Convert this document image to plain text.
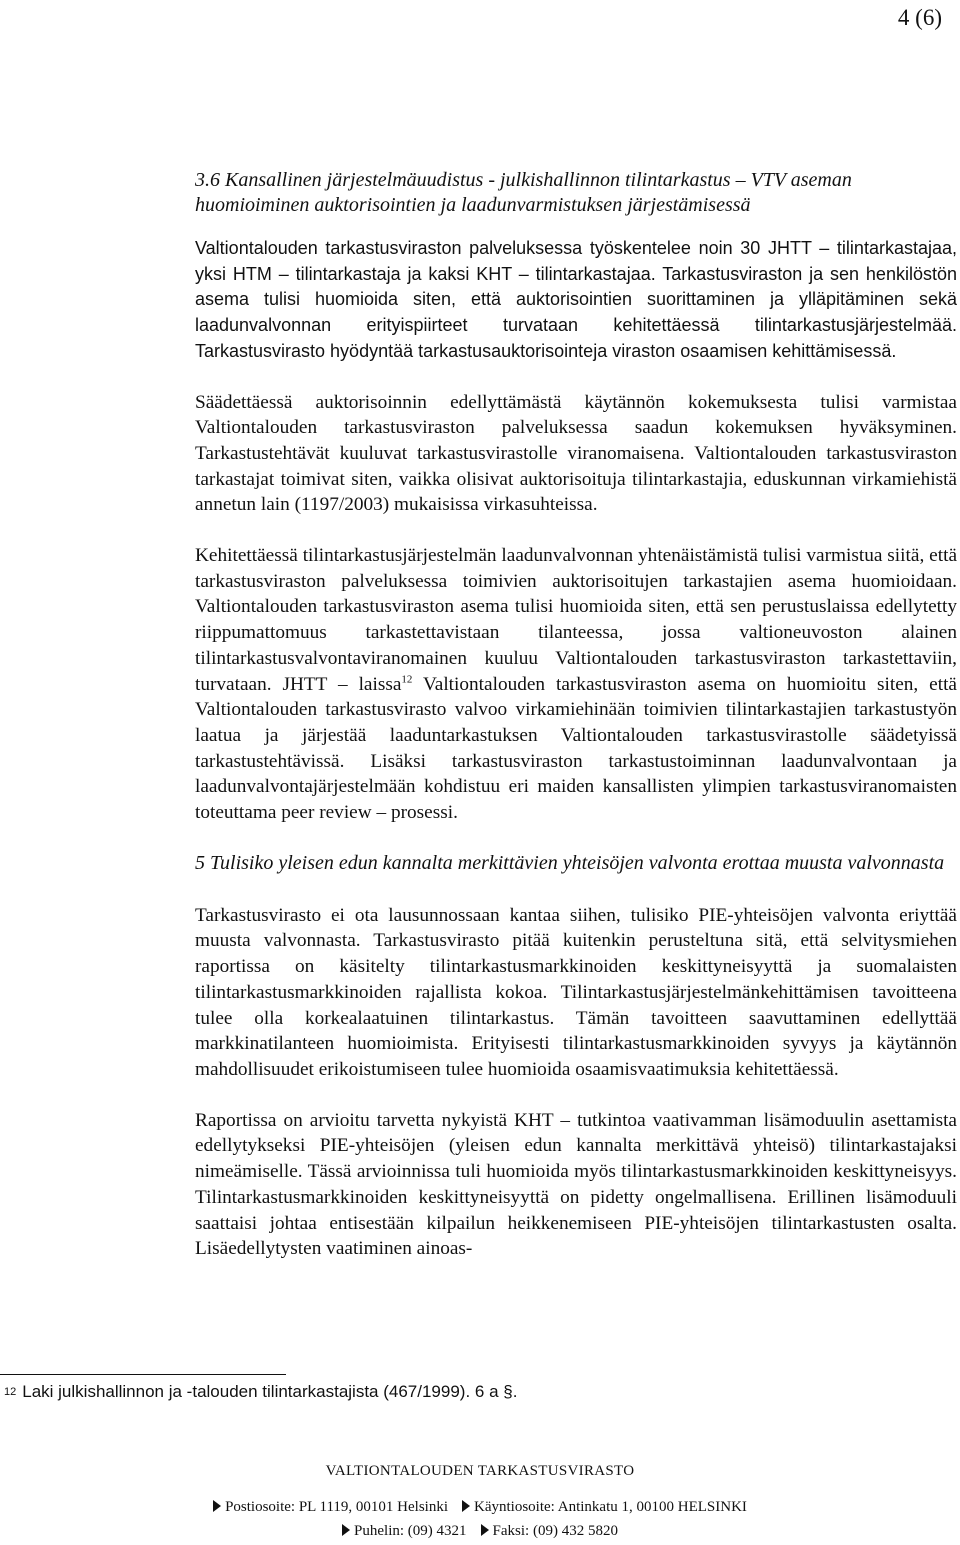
4 (6)
3.6 Kansallinen järjestelmäuudistus - julkishallinnon tilintarkastus – VTV aseman huomioiminen auktorisointien ja laadunvarmistuksen järjestämisessä

Valtiontalouden tarkastusviraston palveluksessa työskentelee noin 30 JHTT – tilintarkastajaa, yksi HTM – tilintarkastaja ja kaksi KHT – tilintarkastajaa. Tarkastusviraston ja sen henkilöstön asema tulisi huomioida siten, että auktorisointien suorittaminen ja ylläpitäminen sekä laadunvalvonnan erityispiirteet turvataan kehitettäessä tilintarkastusjärjestelmää. Tarkastusvirasto hyödyntää tarkastusauktorisointeja viraston osaamisen kehittämisessä.

Säädettäessä auktorisoinnin edellyttämästä käytännön kokemuksesta tulisi varmistaa Valtiontalouden tarkastusviraston palveluksessa saadun kokemuksen hyväksyminen. Tarkastustehtävät kuuluvat tarkastusvirastolle viranomaisena. Valtiontalouden tarkastusviraston tarkastajat toimivat siten, vaikka olisivat auktorisoituja tilintarkastajia, eduskunnan virkamiehistä annetun lain (1197/2003) mukaisissa virkasuhteissa.

Kehitettäessä tilintarkastusjärjestelmän laadunvalvonnan yhtenäistämistä tulisi varmistua siitä, että tarkastusviraston palveluksessa toimivien auktorisoitujen tarkastajien asema huomioidaan. Valtiontalouden tarkastusviraston asema tulisi huomioida siten, että sen perustuslaissa edellytetty riippumattomuus tarkastettavistaan tilanteessa, jossa valtioneuvoston alainen tilintarkastusvalvontaviranomainen kuuluu Valtiontalouden tarkastusviraston tarkastettaviin, turvataan. JHTT – laissa$^{12}$ Valtiontalouden tarkastusviraston asema on huomioitu siten, että Valtiontalouden tarkastusvirasto valvoo virkamiehinään toimivien tilintarkastajien tarkastustyön laatua ja järjestää laaduntarkastuksen Valtiontalouden tarkastusvirastolle säädetyissä tarkastustehtävissä. Lisäksi tarkastusviraston tarkastustoiminnan laadunvalvontaan ja laadunvalvontajärjestelmään kohdistuu eri maiden kansallisten ylimpien tarkastusviranomaisten toteuttama peer review – prosessi.

5 Tulisiko yleisen edun kannalta merkittävien yhteisöjen valvonta erottaa muusta valvonnasta

Tarkastusvirasto ei ota lausunnossaan kantaa siihen, tulisiko PIE-yhteisöjen valvonta eriyttää muusta valvonnasta. Tarkastusvirasto pitää kuitenkin perusteltuna sitä, että selvitysmiehen raportissa on käsitelty tilintarkastusmarkkinoiden keskittyneisyyttä ja suomalaisten tilintarkastusmarkkinoiden rajallista kokoa. Tilintarkastusjärjestelmänkehittämisen tavoitteena tulee olla korkealaatuinen tilintarkastus. Tämän tavoitteen saavuttaminen edellyttää markkinatilanteen huomioimista. Erityisesti tilintarkastusmarkkinoiden syvyys ja käytännön mahdollisuudet erikoistumiseen tulee huomioida osaamisvaatimuksia kehitettäessä.

Raportissa on arvioitu tarvetta nykyistä KHT – tutkintoa vaativamman lisämoduulin asettamista edellytykseksi PIE-yhteisöjen (yleisen edun kannalta merkittävä yhteisö) tilintarkastajaksi nimeämiselle. Tässä arvioinnissa tuli huomioida myös tilintarkastusmarkkinoiden keskittyneisyys. Tilintarkastusmarkkinoiden keskittyneisyyttä on pidetty ongelmallisena. Erillinen lisämoduuli saattaisi johtaa entisestään kilpailun heikkenemiseen PIE-yhteisöjen tilintarkastusten osalta. Lisäedellytysten vaatiminen ainoas-

$^{12}$ Laki julkishallinnon ja -talouden tilintarkastajista (467/1999). 6 a §.
VALTIONTALOUDEN TARKASTUSVIRASTO
Postiosoite: PL 1119, 00101 Helsinki Käyntiosoite: Antinkatu 1, 00100 HELSINKI
Puhelin: (09) 4321 Faksi: (09) 432 5820
